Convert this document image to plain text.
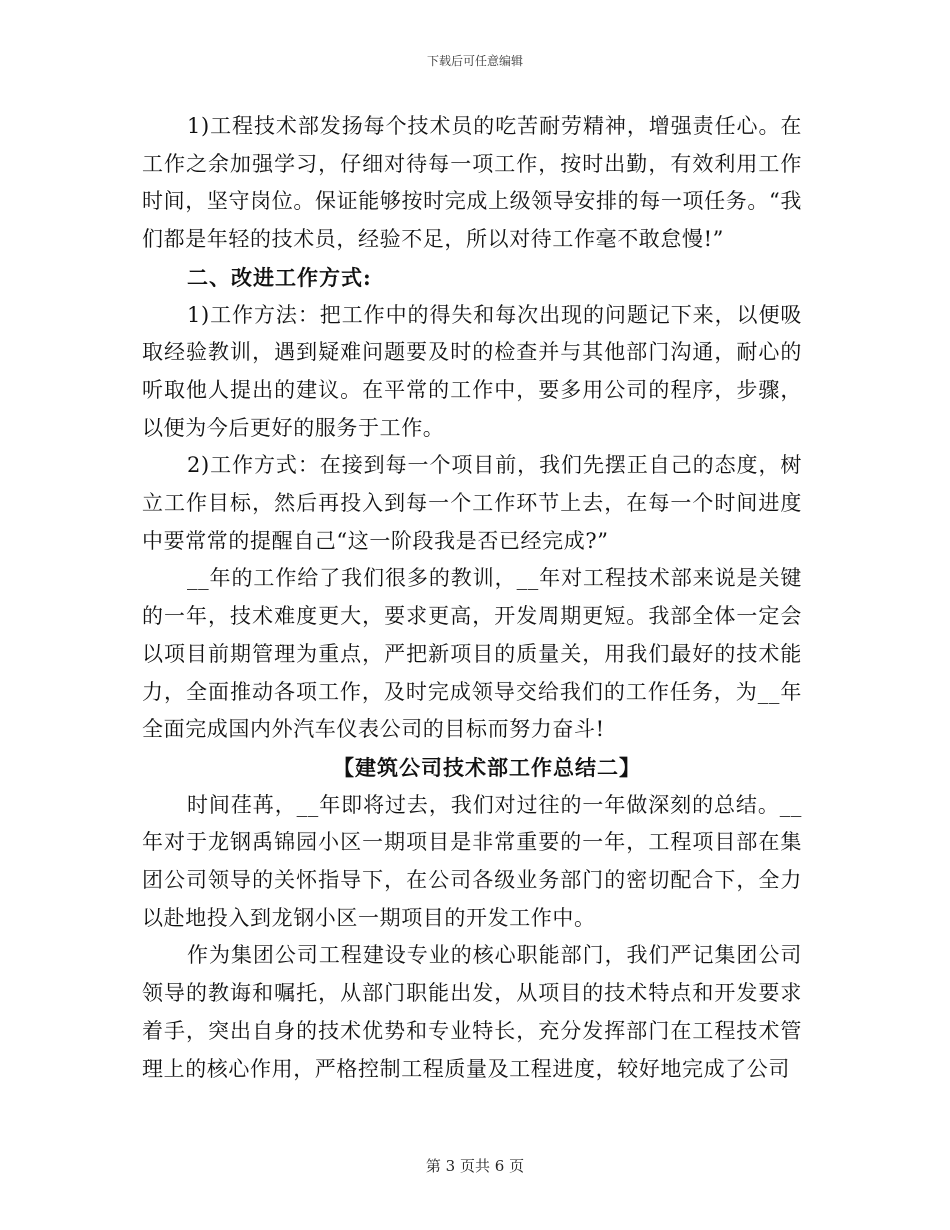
下载后可任意编辑

1)工程技术部发扬每个技术员的吃苦耐劳精神，增强责任心。在工作之余加强学习，仔细对待每一项工作，按时出勤，有效利用工作时间，坚守岗位。保证能够按时完成上级领导安排的每一项任务。“我们都是年轻的技术员，经验不足，所以对待工作毫不敢怠慢!”

二、改进工作方式:

1)工作方法：把工作中的得失和每次出现的问题记下来，以便吸取经验教训，遇到疑难问题要及时的检查并与其他部门沟通，耐心的听取他人提出的建议。在平常的工作中，要多用公司的程序，步骤，以便为今后更好的服务于工作。

2)工作方式：在接到每一个项目前，我们先摆正自己的态度，树立工作目标，然后再投入到每一个工作环节上去，在每一个时间进度中要常常的提醒自己“这一阶段我是否已经完成?”

__年的工作给了我们很多的教训，__年对工程技术部来说是关键的一年，技术难度更大，要求更高，开发周期更短。我部全体一定会以项目前期管理为重点，严把新项目的质量关，用我们最好的技术能力，全面推动各项工作，及时完成领导交给我们的工作任务，为__年全面完成国内外汽车仪表公司的目标而努力奋斗!

【建筑公司技术部工作总结二】

时间荏苒，__年即将过去，我们对过往的一年做深刻的总结。__年对于龙钢禹锦园小区一期项目是非常重要的一年，工程项目部在集团公司领导的关怀指导下，在公司各级业务部门的密切配合下，全力以赴地投入到龙钢小区一期项目的开发工作中。

作为集团公司工程建设专业的核心职能部门，我们严记集团公司领导的教诲和嘱托，从部门职能出发，从项目的技术特点和开发要求着手，突出自身的技术优势和专业特长，充分发挥部门在工程技术管理上的核心作用，严格控制工程质量及工程进度，较好地完成了公司

第 3 页共 6 页
